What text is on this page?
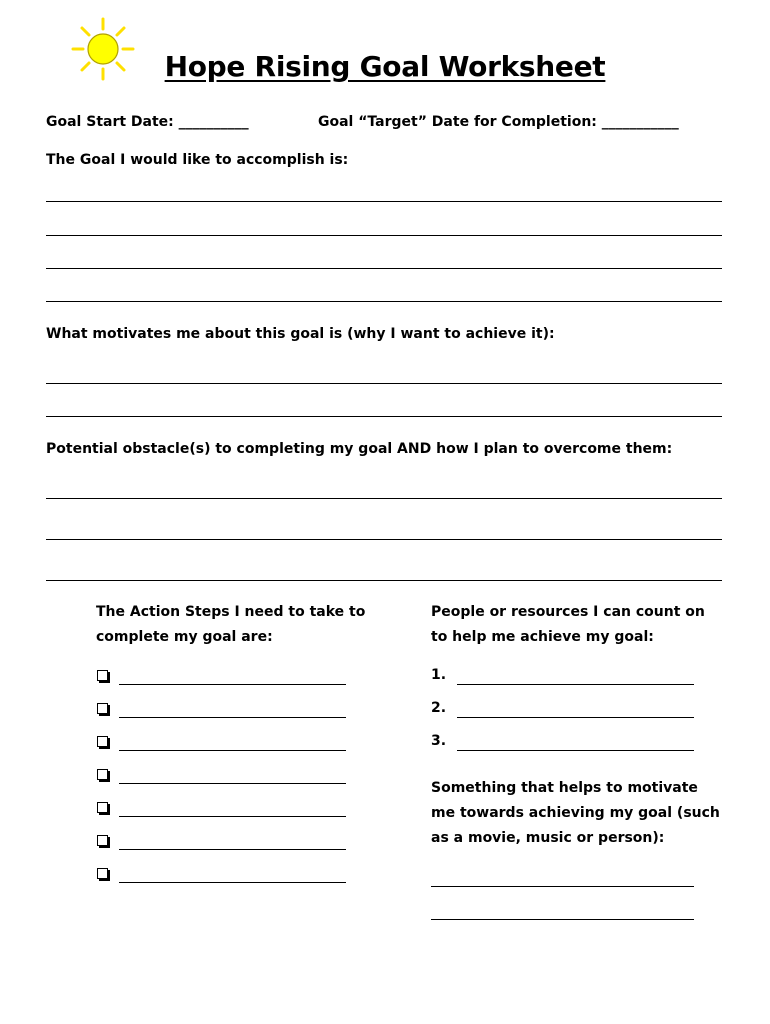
Hope Rising Goal Worksheet
Goal Start Date: __________	Goal “Target” Date for Completion: ___________
The Goal I would like to accomplish is:
What motivates me about this goal is (why I want to achieve it):
Potential obstacle(s) to completing my goal AND how I plan to overcome them:
The Action Steps I need to take to
complete my goal are:
People or resources I can count on
to help me achieve my goal:
1.
2.
3.
Something that helps to motivate
me towards achieving my goal (such
as a movie, music or person):
